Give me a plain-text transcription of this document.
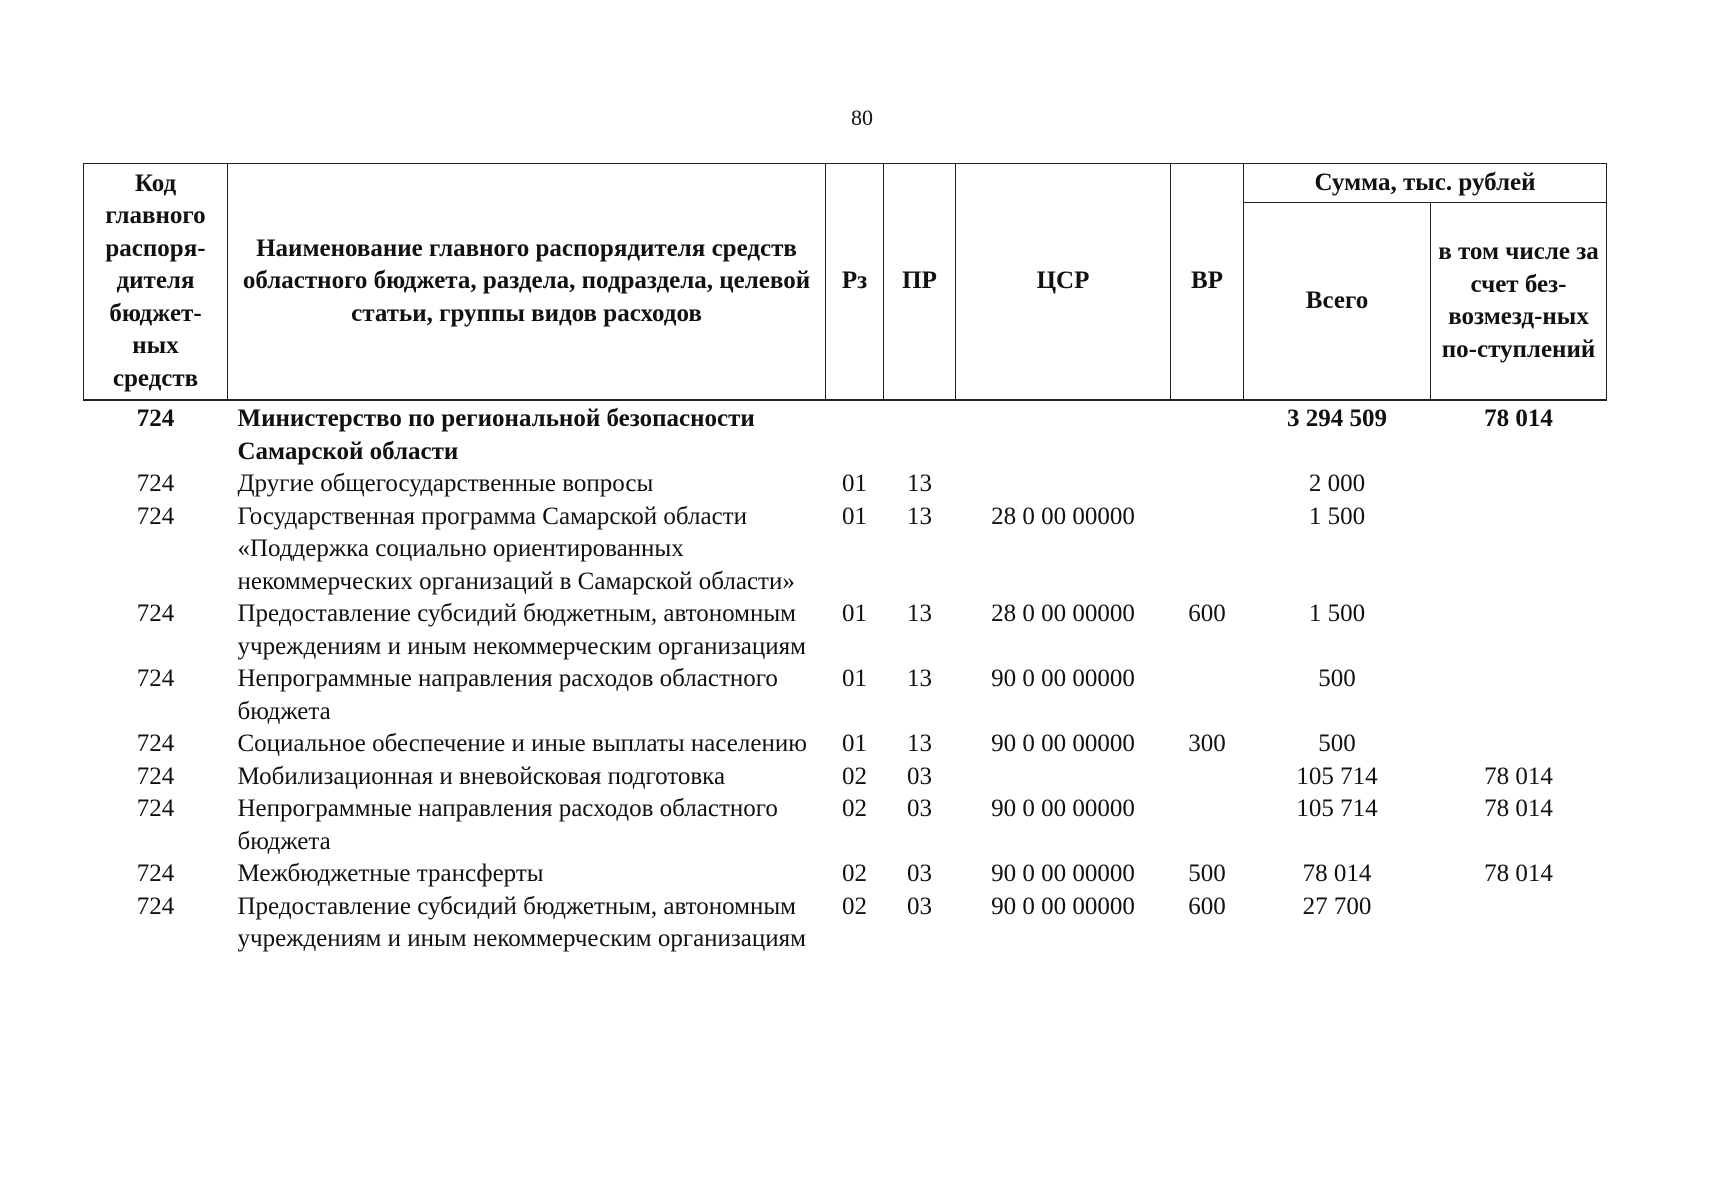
80
Код главного распоря-дителя бюджет-ных средств	Наименование главного распорядителя средств областного бюджета, раздела, подраздела, целевой статьи, группы видов расходов	Рз	ПР	ЦСР	ВР	Сумма, тыс. рублей	
						Всего	в том числе за счет без-возмезд-ных по-ступлений
724	Министерство по региональной безопасности Самарской области					3 294 509	78 014
724	Другие общегосударственные вопросы	01	13			2 000	
724	Государственная программа Самарской области «Поддержка социально ориентированных некоммерческих организаций в Самарской области»	01	13	28 0 00 00000		1 500	
724	Предоставление субсидий бюджетным, автономным учреждениям и иным некоммерческим организациям	01	13	28 0 00 00000	600	1 500	
724	Непрограммные направления расходов областного бюджета	01	13	90 0 00 00000		500	
724	Социальное обеспечение и иные выплаты населению	01	13	90 0 00 00000	300	500	
724	Мобилизационная и вневойсковая подготовка	02	03			105 714	78 014
724	Непрограммные направления расходов областного бюджета	02	03	90 0 00 00000		105 714	78 014
724	Межбюджетные трансферты	02	03	90 0 00 00000	500	78 014	78 014
724	Предоставление субсидий бюджетным, автономным учреждениям и иным некоммерческим организациям	02	03	90 0 00 00000	600	27 700	
